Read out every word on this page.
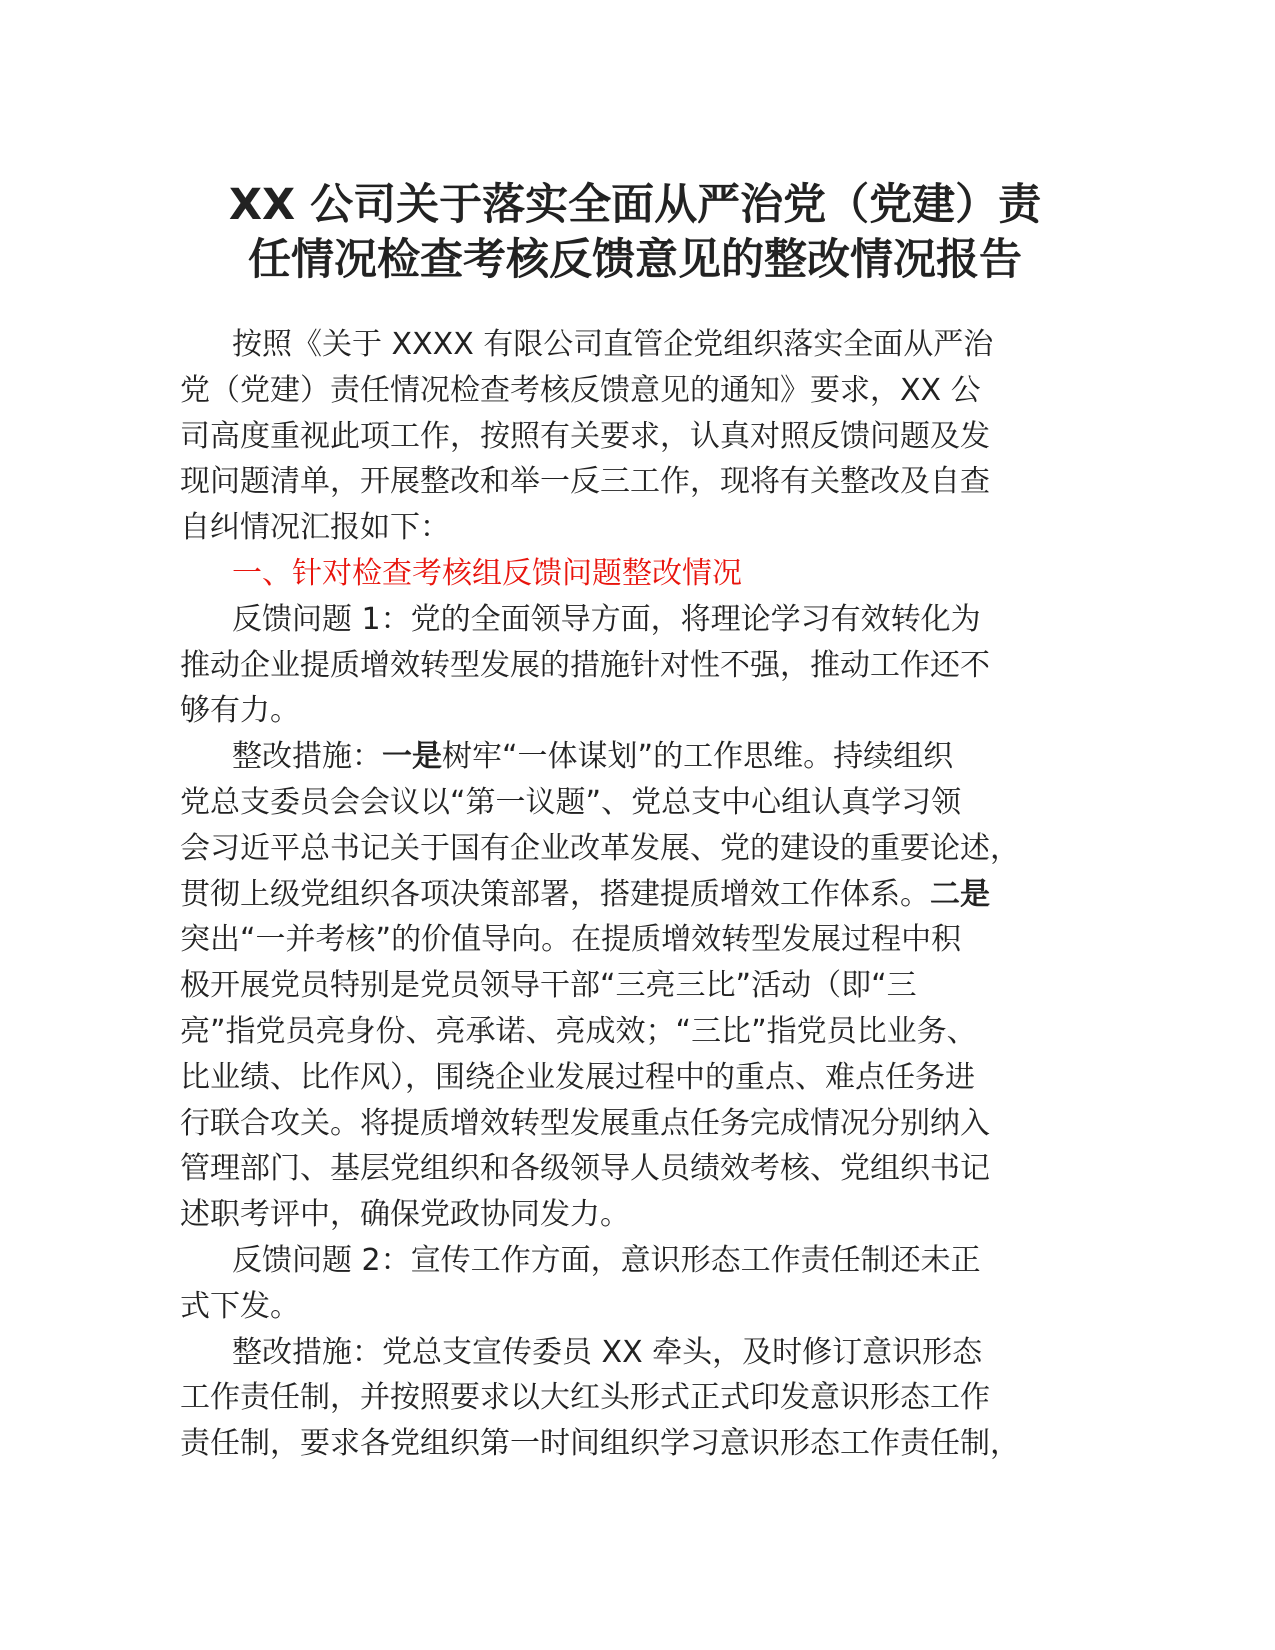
XX 公司关于落实全面从严治党（党建）责
任情况检查考核反馈意见的整改情况报告
按照《关于 XXXX 有限公司直管企党组织落实全面从严治
党（党建）责任情况检查考核反馈意见的通知》要求，XX 公
司高度重视此项工作，按照有关要求，认真对照反馈问题及发
现问题清单，开展整改和举一反三工作，现将有关整改及自查
自纠情况汇报如下：
一、针对检查考核组反馈问题整改情况
反馈问题 1：党的全面领导方面，将理论学习有效转化为
推动企业提质增效转型发展的措施针对性不强，推动工作还不
够有力。
整改措施：一是树牢“一体谋划”的工作思维。持续组织
党总支委员会会议以“第一议题”、党总支中心组认真学习领
会习近平总书记关于国有企业改革发展、党的建设的重要论述，
贯彻上级党组织各项决策部署，搭建提质增效工作体系。二是
突出“一并考核”的价值导向。在提质增效转型发展过程中积
极开展党员特别是党员领导干部“三亮三比”活动（即“三
亮”指党员亮身份、亮承诺、亮成效；“三比”指党员比业务、
比业绩、比作风），围绕企业发展过程中的重点、难点任务进
行联合攻关。将提质增效转型发展重点任务完成情况分别纳入
管理部门、基层党组织和各级领导人员绩效考核、党组织书记
述职考评中，确保党政协同发力。
反馈问题 2：宣传工作方面，意识形态工作责任制还未正
式下发。
整改措施：党总支宣传委员 XX 牵头，及时修订意识形态
工作责任制，并按照要求以大红头形式正式印发意识形态工作
责任制，要求各党组织第一时间组织学习意识形态工作责任制，
